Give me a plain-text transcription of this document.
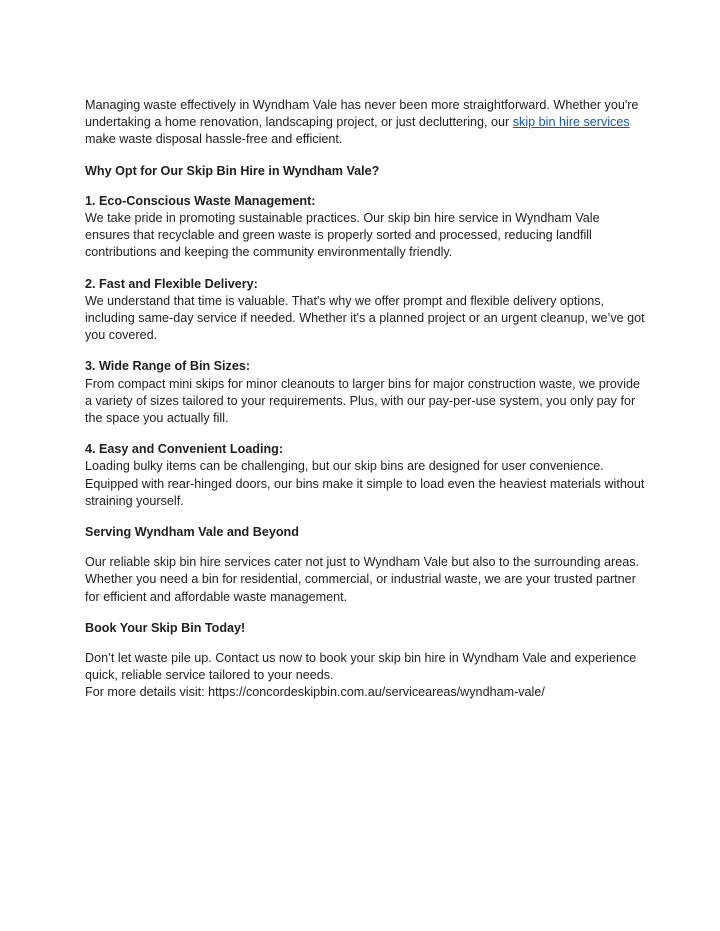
Managing waste effectively in Wyndham Vale has never been more straightforward. Whether you're undertaking a home renovation, landscaping project, or just decluttering, our skip bin hire services make waste disposal hassle-free and efficient.

Why Opt for Our Skip Bin Hire in Wyndham Vale?

1. Eco-Conscious Waste Management:
We take pride in promoting sustainable practices. Our skip bin hire service in Wyndham Vale ensures that recyclable and green waste is properly sorted and processed, reducing landfill contributions and keeping the community environmentally friendly.

2. Fast and Flexible Delivery:
We understand that time is valuable. That's why we offer prompt and flexible delivery options, including same-day service if needed. Whether it's a planned project or an urgent cleanup, we’ve got you covered.

3. Wide Range of Bin Sizes:
From compact mini skips for minor cleanouts to larger bins for major construction waste, we provide a variety of sizes tailored to your requirements. Plus, with our pay-per-use system, you only pay for the space you actually fill.

4. Easy and Convenient Loading:
Loading bulky items can be challenging, but our skip bins are designed for user convenience. Equipped with rear-hinged doors, our bins make it simple to load even the heaviest materials without straining yourself.

Serving Wyndham Vale and Beyond

Our reliable skip bin hire services cater not just to Wyndham Vale but also to the surrounding areas. Whether you need a bin for residential, commercial, or industrial waste, we are your trusted partner for efficient and affordable waste management.

Book Your Skip Bin Today!

Don’t let waste pile up. Contact us now to book your skip bin hire in Wyndham Vale and experience quick, reliable service tailored to your needs.
For more details visit: https://concordeskipbin.com.au/serviceareas/wyndham-vale/
